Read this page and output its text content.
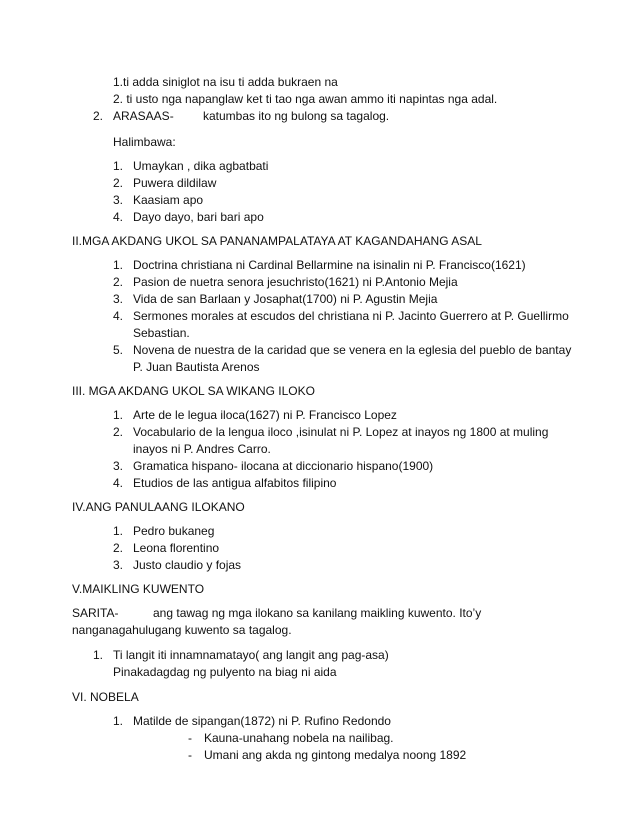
1.ti adda siniglot na isu ti adda bukraen na
2. ti usto nga napanglaw ket ti tao nga awan ammo iti napintas nga adal.
2. ARASAAS- katumbas ito ng bulong sa tagalog.
Halimbawa:
1. Umaykan , dika agbatbati
2. Puwera dildilaw
3. Kaasiam apo
4. Dayo dayo, bari bari apo
II.MGA AKDANG UKOL SA PANANAMPALATAYA AT KAGANDAHANG ASAL
1. Doctrina christiana ni Cardinal Bellarmine na isinalin ni P. Francisco(1621)
2. Pasion de nuetra senora jesuchristo(1621) ni P.Antonio Mejia
3. Vida de san Barlaan y Josaphat(1700) ni P. Agustin Mejia
4. Sermones morales at escudos del christiana ni P. Jacinto Guerrero at P. Guellirmo
Sebastian.
5. Novena de nuestra de la caridad que se venera en la eglesia del pueblo de bantay
P. Juan Bautista Arenos
III. MGA AKDANG UKOL SA WIKANG ILOKO
1. Arte de le legua iloca(1627) ni P. Francisco Lopez
2. Vocabulario de la lengua iloco ,isinulat ni P. Lopez at inayos ng 1800 at muling
inayos ni P. Andres Carro.
3. Gramatica hispano- ilocana at diccionario hispano(1900)
4. Etudios de las antigua alfabitos filipino
IV.ANG PANULAANG ILOKANO
1. Pedro bukaneg
2. Leona florentino
3. Justo claudio y fojas
V.MAIKLING KUWENTO
SARITA-	ang tawag ng mga ilokano sa kanilang maikling kuwento. Ito’y
nanganagahulugang kuwento sa tagalog.
1. Ti langit iti innamnamatayo( ang langit ang pag-asa)
Pinakadagdag ng pulyento na biag ni aida
VI. NOBELA
1. Matilde de sipangan(1872) ni P. Rufino Redondo
- Kauna-unahang nobela na nailibag.
- Umani ang akda ng gintong medalya noong 1892
